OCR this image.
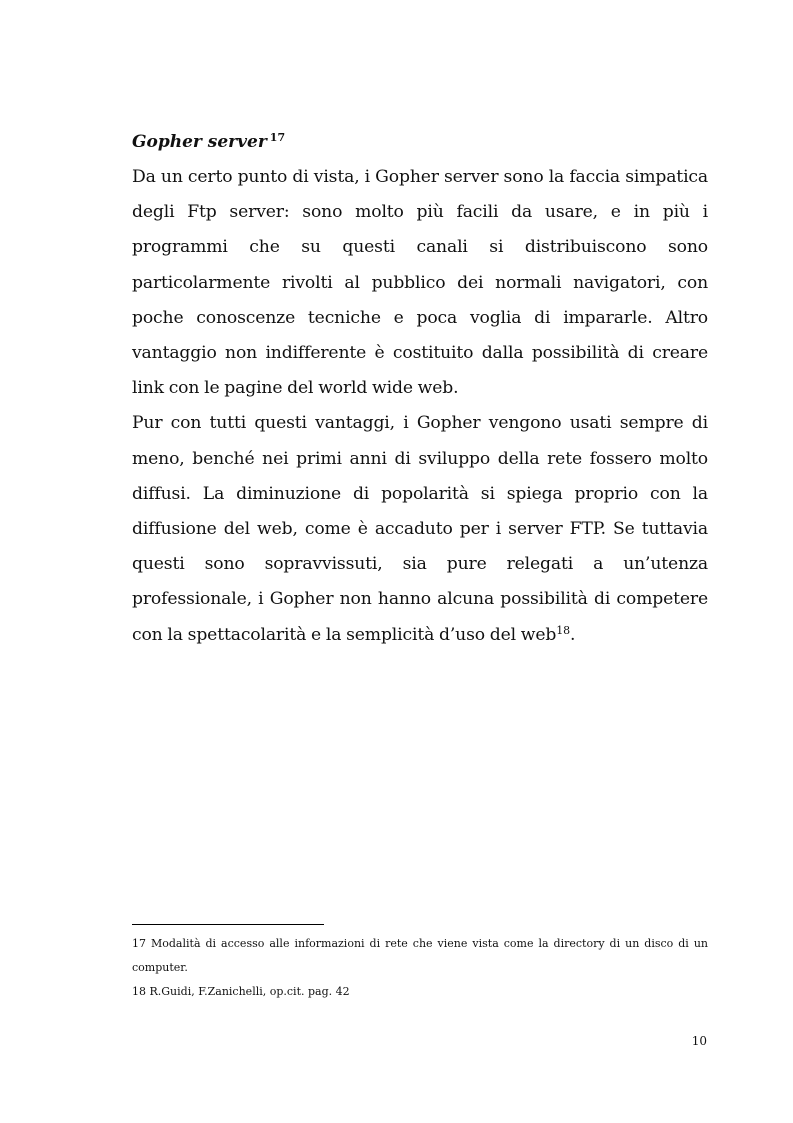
Gopher server $^{17}$

Da un certo punto di vista, i Gopher server sono la faccia simpatica degli Ftp server: sono molto più facili da usare, e in più i programmi che su questi canali si distribuiscono sono particolarmente rivolti al pubblico dei normali navigatori, con poche conoscenze tecniche e poca voglia di impararle. Altro vantaggio non indifferente è costituito dalla possibilità di creare link con le pagine del world wide web.

Pur con tutti questi vantaggi, i Gopher vengono usati sempre di meno, benché nei primi anni di sviluppo della rete fossero molto diffusi. La diminuzione di popolarità si spiega proprio con la diffusione del web, come è accaduto per i server FTP. Se tuttavia questi sono sopravvissuti, sia pure relegati a un’utenza professionale, i Gopher non hanno alcuna possibilità di competere con la spettacolarità e la semplicità d’uso del web$^{18}$.

17 Modalità di accesso alle informazioni di rete che viene vista come la directory di un disco di un computer.

18 R.Guidi, F.Zanichelli, op.cit. pag. 42

10
